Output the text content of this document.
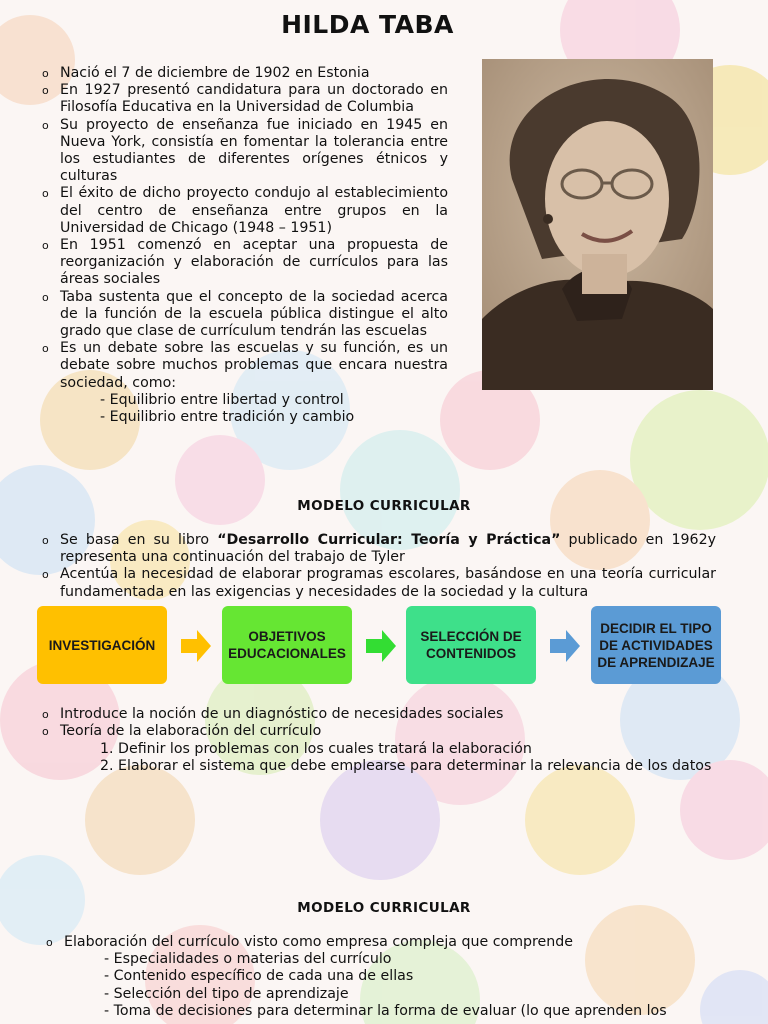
HILDA TABA
o Nació el 7 de diciembre de 1902 en Estonia
o En 1927 presentó candidatura para un doctorado en Filosofía Educativa en la Universidad de Columbia
o Su proyecto de enseñanza fue iniciado en 1945 en Nueva York, consistía en fomentar la tolerancia entre los estudiantes de diferentes orígenes étnicos y culturas
o El éxito de dicho proyecto condujo al establecimiento del centro de enseñanza entre grupos en la Universidad de Chicago (1948 – 1951)
o En 1951 comenzó en aceptar una propuesta de reorganización y elaboración de currículos para las áreas sociales
o Taba sustenta que el concepto de la sociedad acerca de la función de la escuela pública distingue el alto grado que clase de currículum tendrán las escuelas
o Es un debate sobre las escuelas y su función, es un debate sobre muchos problemas que encara nuestra sociedad, como:
- Equilibrio entre libertad y control
- Equilibrio entre tradición y cambio
MODELO CURRICULAR
o Se basa en su libro “Desarrollo Curricular: Teoría y Práctica” publicado en 1962y representa una continuación del trabajo de Tyler
o Acentúa la necesidad de elaborar programas escolares, basándose en una teoría curricular fundamentada en las exigencias y necesidades de la sociedad y la cultura
INVESTIGACIÓN
OBJETIVOS EDUCACIONALES
SELECCIÓN DE CONTENIDOS
DECIDIR EL TIPO DE ACTIVIDADES DE APRENDIZAJE
o Introduce la noción de un diagnóstico de necesidades sociales
o Teoría de la elaboración del currículo
1. Definir los problemas con los cuales tratará la elaboración
2. Elaborar el sistema que debe emplearse para determinar la relevancia de los datos
MODELO CURRICULAR
o Elaboración del currículo visto como empresa compleja que comprende
- Especialidades o materias del currículo
- Contenido específico de cada una de ellas
- Selección del tipo de aprendizaje
- Toma de decisiones para determinar la forma de evaluar (lo que aprenden los
